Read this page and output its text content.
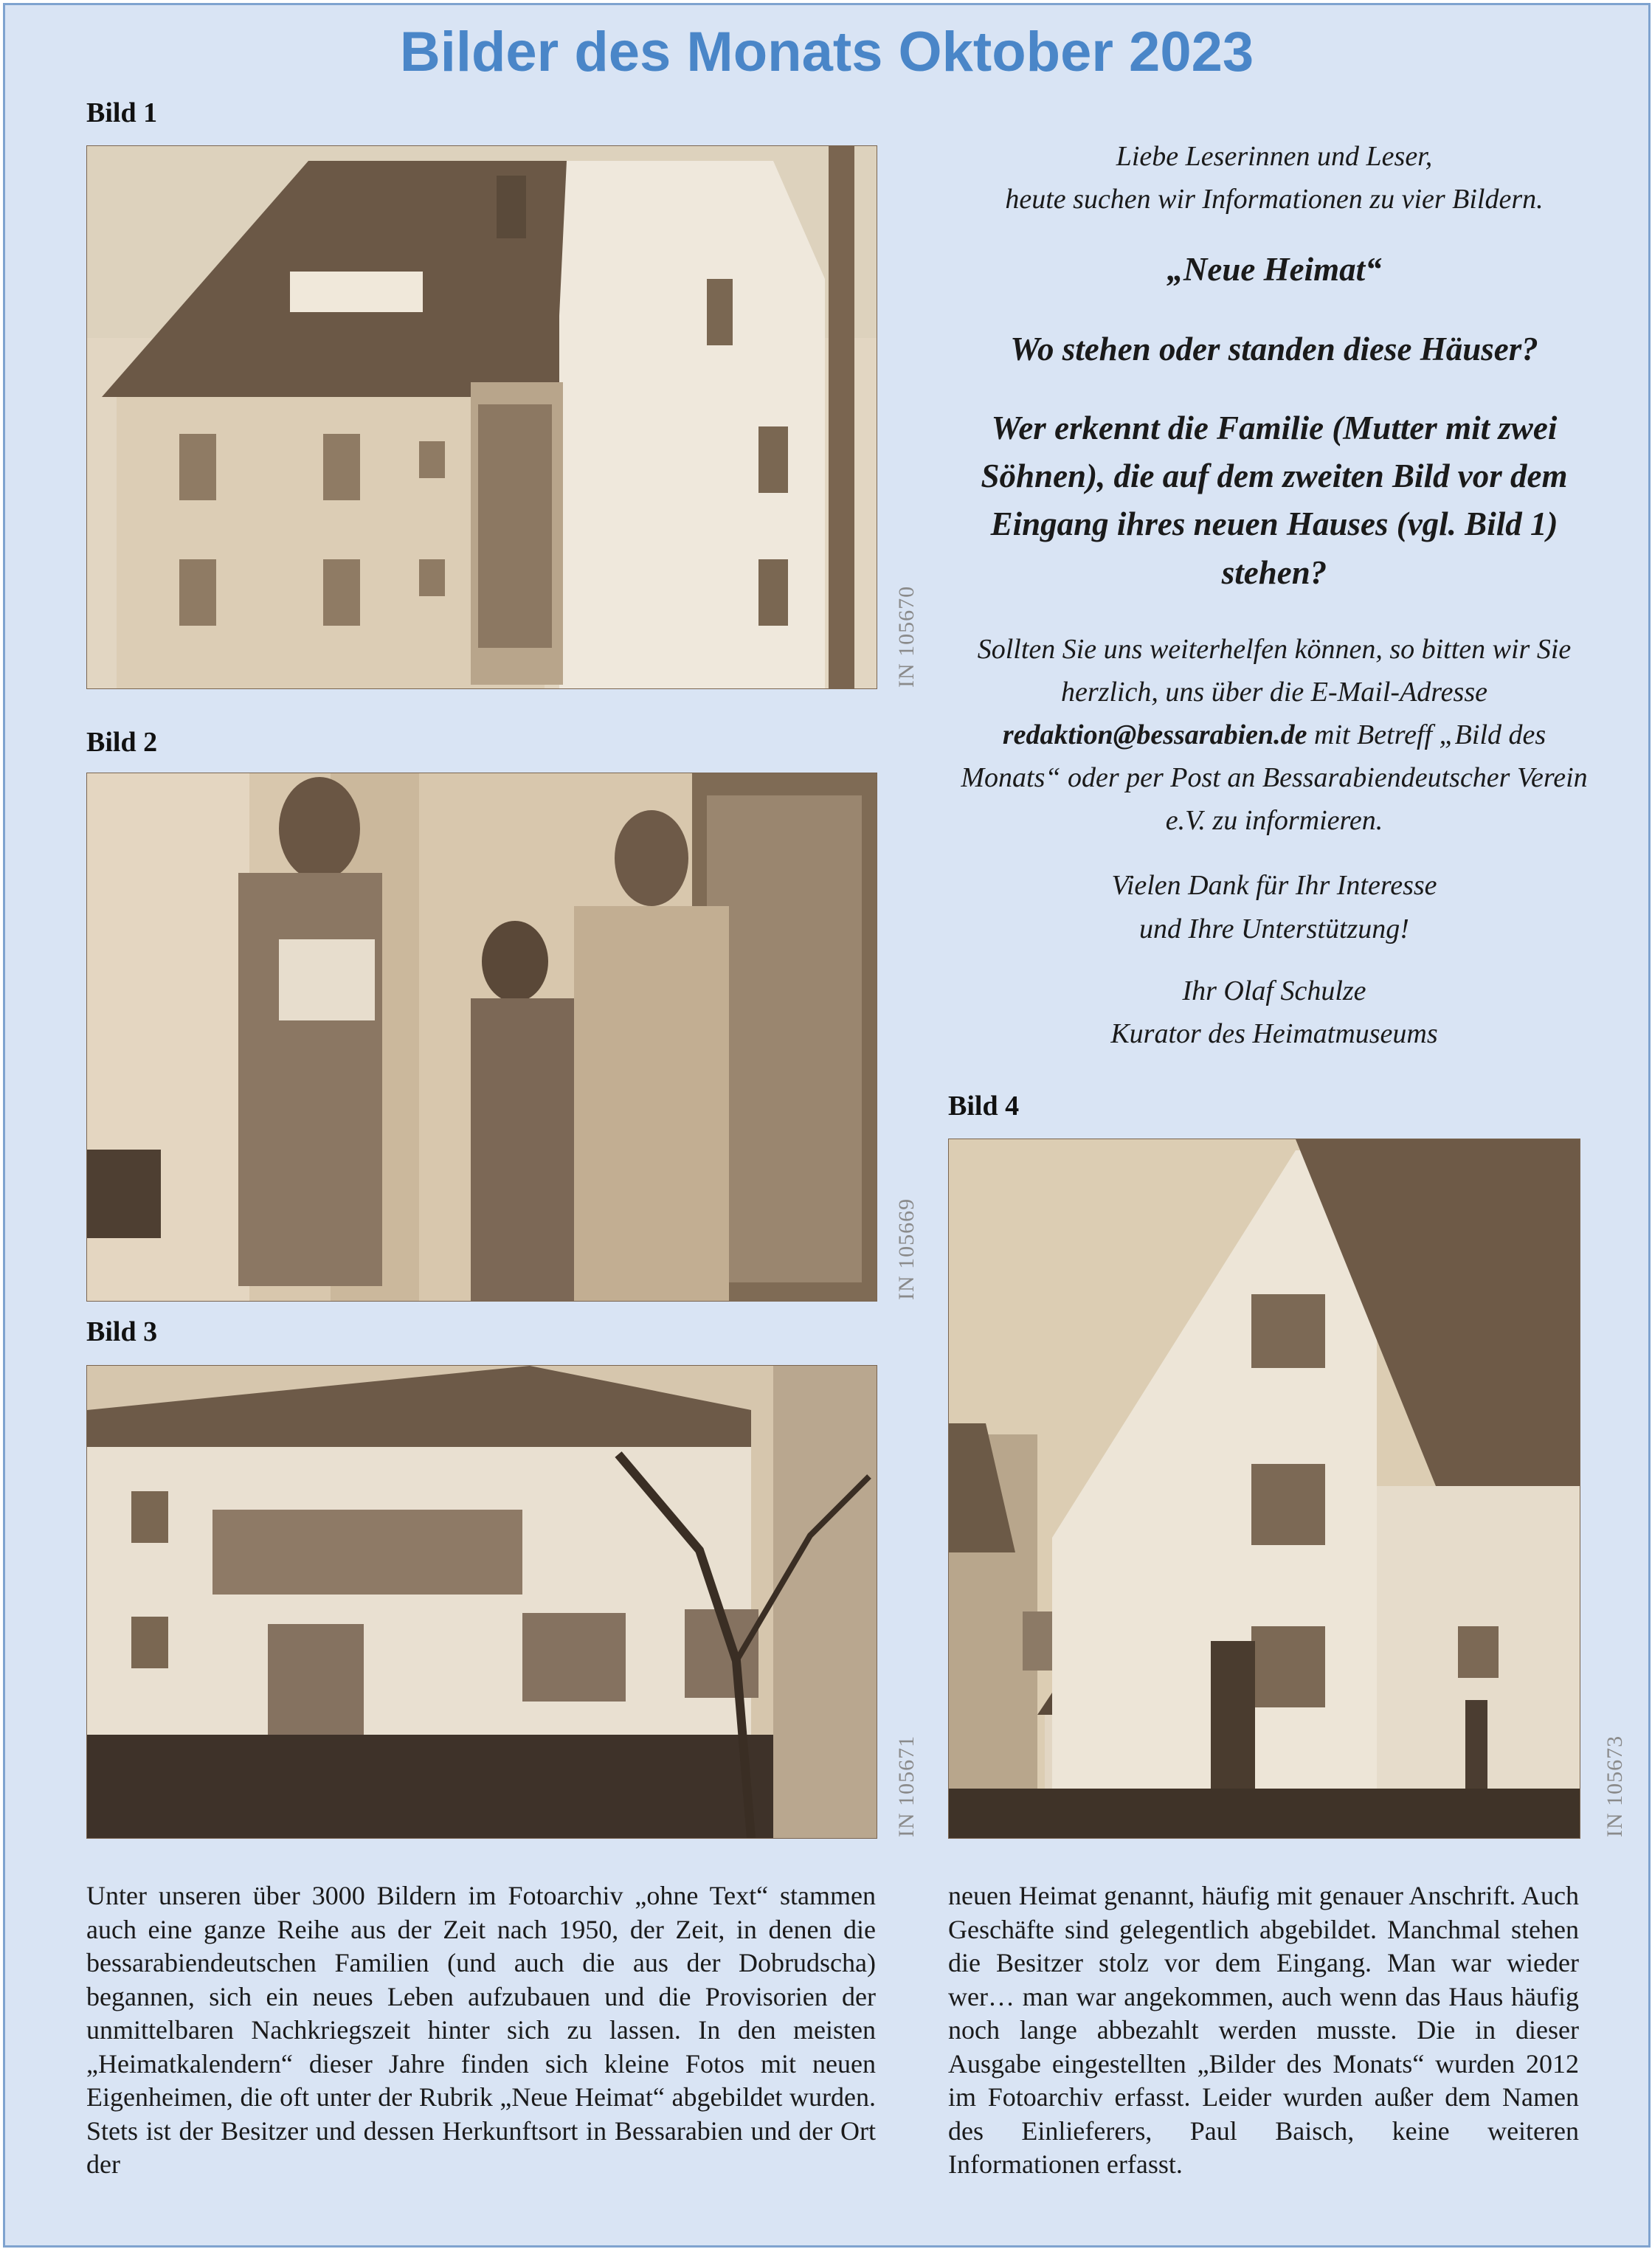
Bilder des Monats Oktober 2023
Bild 1
IN 105670
Bild 2
IN 105669
Bild 3
IN 105671

Liebe Leserinnen und Leser,

heute suchen wir Informationen zu vier Bildern.

„Neue Heimat“

Wo stehen oder standen diese Häuser?

Wer erkennt die Familie (Mutter mit zwei Söhnen), die auf dem zweiten Bild vor dem Eingang ihres neuen Hauses (vgl. Bild 1) stehen?

Sollten Sie uns weiterhelfen können, so bitten wir Sie herzlich, uns über die E-Mail-Adresse redaktion@bessarabien.de mit Betreff „Bild des Monats“ oder per Post an Bessarabiendeutscher Verein e.V. zu informieren.

Vielen Dank für Ihr Interesse

und Ihre Unterstützung!

Ihr Olaf Schulze

Kurator des Heimatmuseums

Bild 4
IN 105673
Unter unseren über 3000 Bildern im Fotoarchiv „ohne Text“ stammen auch eine ganze Reihe aus der Zeit nach 1950, der Zeit, in denen die bessarabiendeutschen Familien (und auch die aus der Dobrudscha) begannen, sich ein neues Leben aufzubauen und die Provisorien der unmittelbaren Nachkriegszeit hinter sich zu lassen. In den meisten „Heimatkalendern“ dieser Jahre finden sich kleine Fotos mit neuen Eigenheimen, die oft unter der Rubrik „Neue Heimat“ abgebildet wurden. Stets ist der Besitzer und dessen Herkunftsort in Bessarabien und der Ort der
neuen Heimat genannt, häufig mit genauer Anschrift. Auch Geschäfte sind gelegentlich abgebildet. Manchmal stehen die Besitzer stolz vor dem Eingang. Man war wieder wer… man war angekommen, auch wenn das Haus häufig noch lange abbezahlt werden musste. Die in dieser Ausgabe eingestellten „Bilder des Monats“ wurden 2012 im Fotoarchiv erfasst. Leider wurden außer dem Namen des Einlieferers, Paul Baisch, keine weiteren Informationen erfasst.
